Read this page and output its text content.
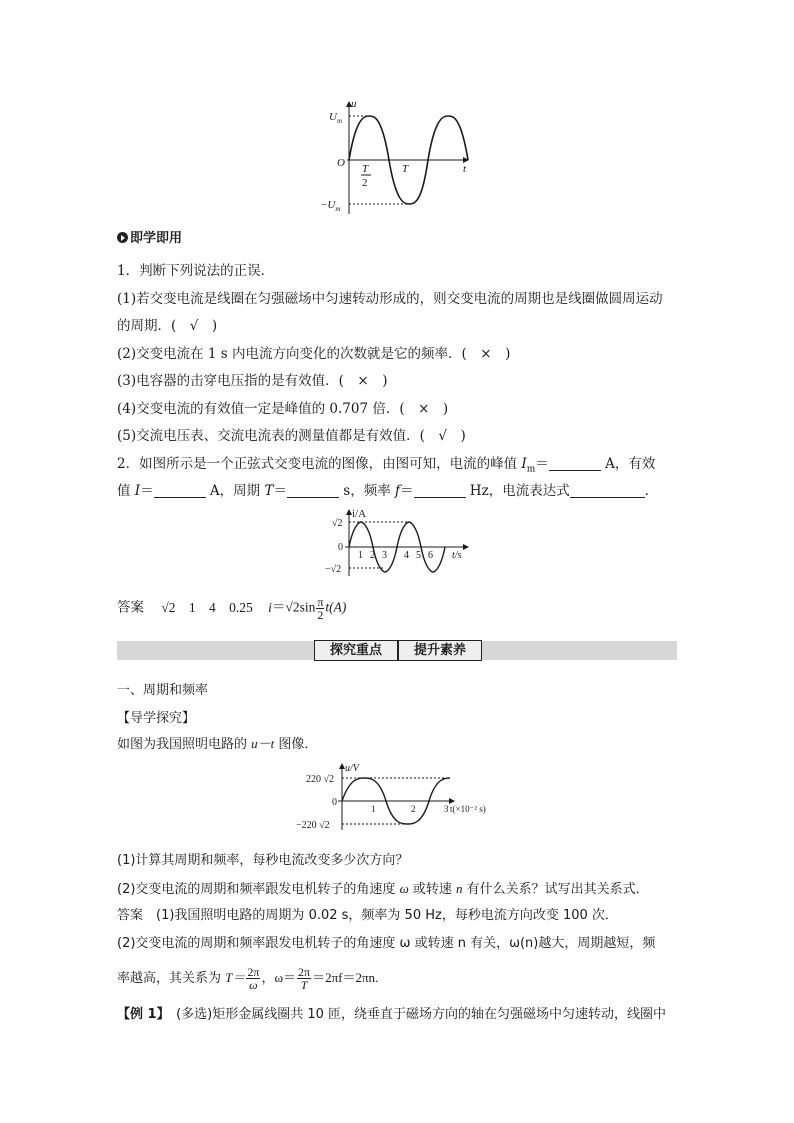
u
$U_m$
$-U_m$
O T
2
T	t
即学即用
1．判断下列说法的正误．
(1)若交变电流是线圈在匀强磁场中匀速转动形成的，则交变电流的周期也是线圈做圆周运动
的周期．(　√　)
(2)交变电流在 1 s 内电流方向变化的次数就是它的频率．(　×　)
(3)电容器的击穿电压指的是有效值．(　×　)
(4)交变电流的有效值一定是峰值的 0.707 倍．(　×　)
(5)交流电压表、交流电流表的测量值都是有效值．(　√　)
2．如图所示是一个正弦式交变电流的图像，由图可知，电流的峰值 $I_m=$	A，有效
值 I＝	A，周期 T＝	s，频率 f＝	Hz，电流表达式	．
i/A
√2
−√2
0
1 2 3 4 5 6 t/s
答案 √2 1 4 0.25 $i=√2\sin \frac{\pi}{2} t(A)$
探究重点	提升素养
一、周期和频率
【导学探究】
如图为我国照明电路的 u－t 图像．
u/V
220 √2
−220 √2
0
1	2	3 t(×10⁻² s)
(1)计算其周期和频率，每秒电流改变多少次方向？
(2)交变电流的周期和频率跟发电机转子的角速度 ω 或转速 n 有什么关系？试写出其关系式．
答案　(1)我国照明电路的周期为 0.02 s，频率为 50 Hz，每秒电流方向改变 100 次．
(2)交变电流的周期和频率跟发电机转子的角速度 ω 或转速 n 有关，ω(n)越大，周期越短，频
率越高，其关系为 $T= \frac{2\pi}{\omega}$ ，$\omega= \frac{2\pi}{T} =2\pi f=2\pi n$.
【例 1】　(多选)矩形金属线圈共 10 匝，绕垂直于磁场方向的轴在匀强磁场中匀速转动，线圈中
